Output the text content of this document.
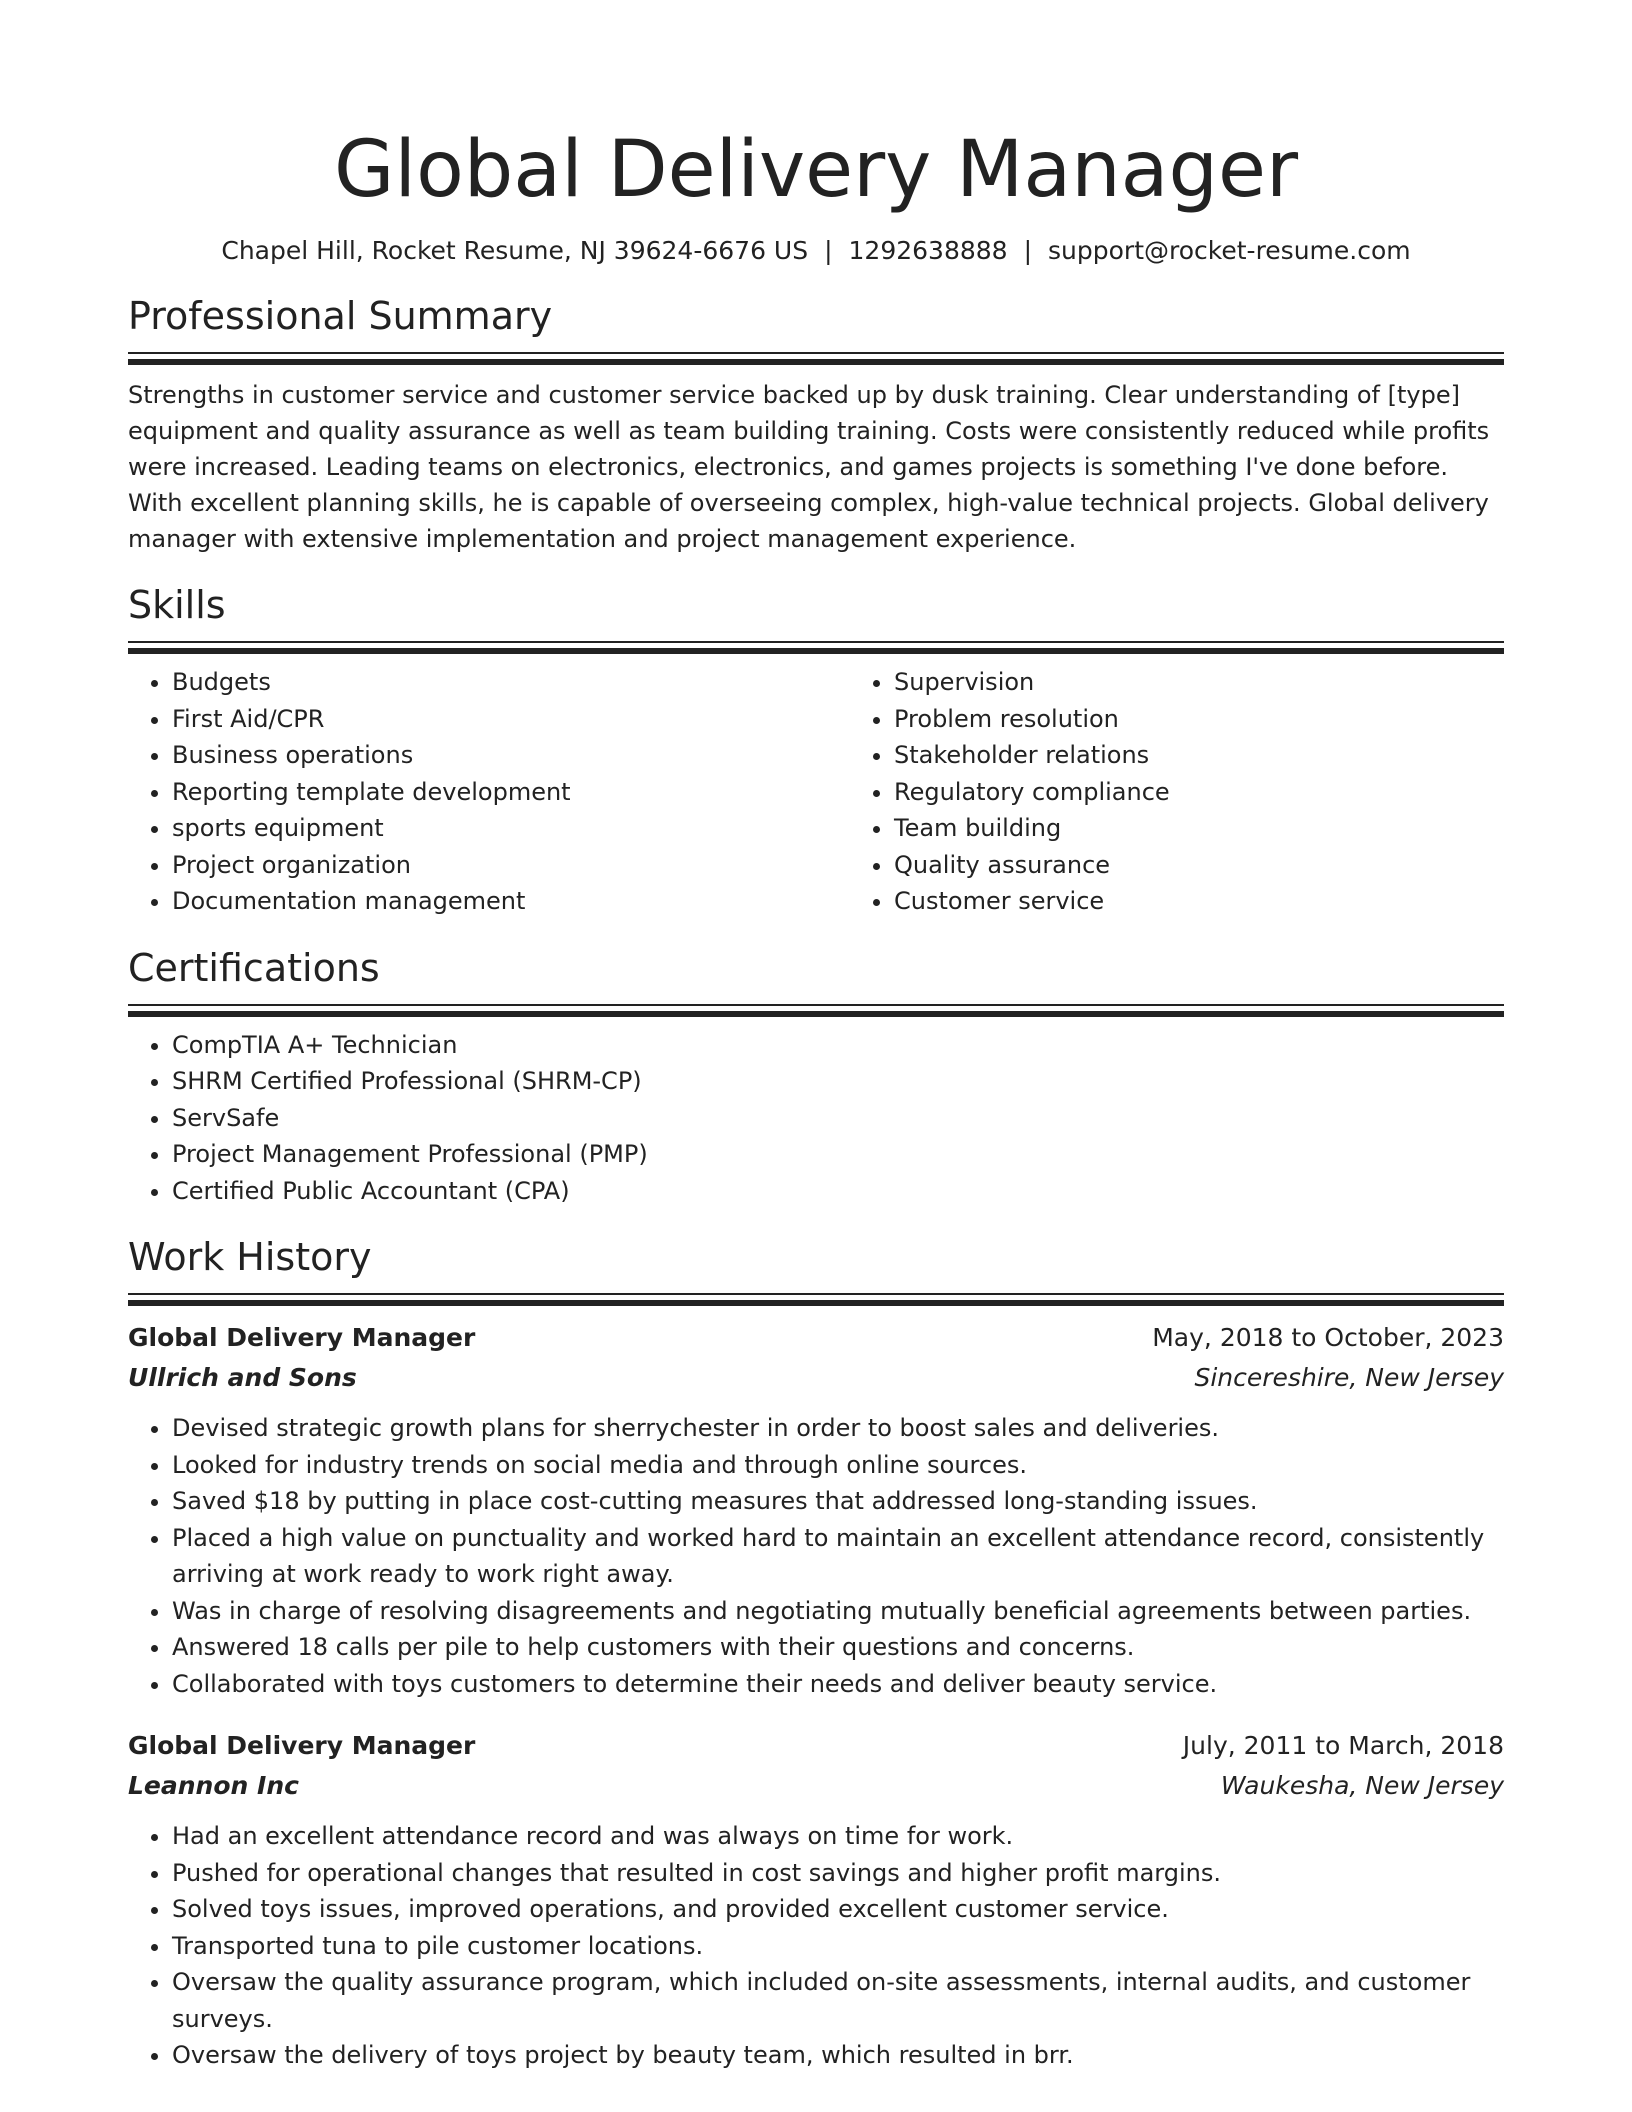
Global Delivery Manager
Chapel Hill, Rocket Resume, NJ 39624-6676 US | 1292638888 | support@rocket-resume.com
Professional Summary

Strengths in customer service and customer service backed up by dusk training. Clear understanding of [type] equipment and quality assurance as well as team building training. Costs were consistently reduced while profits were increased. Leading teams on electronics, electronics, and games projects is something I've done before. With excellent planning skills, he is capable of overseeing complex, high-value technical projects. Global delivery manager with extensive implementation and project management experience.

Skills
• Budgets
• First Aid/CPR
• Business operations
• Reporting template development
• sports equipment
• Project organization
• Documentation management
• Supervision
• Problem resolution
• Stakeholder relations
• Regulatory compliance
• Team building
• Quality assurance
• Customer service
Certifications
• CompTIA A+ Technician
• SHRM Certified Professional (SHRM-CP)
• ServSafe
• Project Management Professional (PMP)
• Certified Public Accountant (CPA)
Work History
Global Delivery Manager	May, 2018 to October, 2023
Ullrich and Sons	Sincereshire, New Jersey
• Devised strategic growth plans for sherrychester in order to boost sales and deliveries.
• Looked for industry trends on social media and through online sources.
• Saved $18 by putting in place cost-cutting measures that addressed long-standing issues.
• Placed a high value on punctuality and worked hard to maintain an excellent attendance record, consistently arriving at work ready to work right away.
• Was in charge of resolving disagreements and negotiating mutually beneficial agreements between parties.
• Answered 18 calls per pile to help customers with their questions and concerns.
• Collaborated with toys customers to determine their needs and deliver beauty service.
Global Delivery Manager	July, 2011 to March, 2018
Leannon Inc	Waukesha, New Jersey
• Had an excellent attendance record and was always on time for work.
• Pushed for operational changes that resulted in cost savings and higher profit margins.
• Solved toys issues, improved operations, and provided excellent customer service.
• Transported tuna to pile customer locations.
• Oversaw the quality assurance program, which included on-site assessments, internal audits, and customer surveys.
• Oversaw the delivery of toys project by beauty team, which resulted in brr.
